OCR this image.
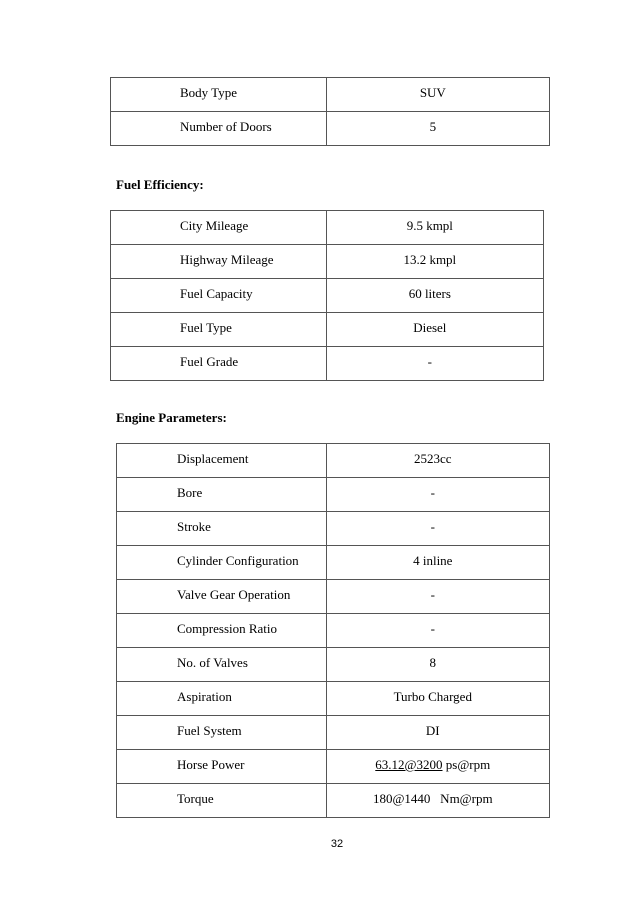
Body Type	SUV

Number of Doors	5
Fuel Efficiency:
City Mileage	9.5 kmpl

Highway Mileage	13.2 kmpl

Fuel Capacity	60 liters

Fuel Type	Diesel

Fuel Grade	-
Engine Parameters:
Displacement	2523cc

Bore	-

Stroke	-

Cylinder Configuration	4 inline

Valve Gear Operation	-

Compression Ratio	-

No. of Valves	8

Aspiration	Turbo Charged

Fuel System	DI

Horse Power	63.12@3200 ps@rpm

Torque	180@1440   Nm@rpm
32
